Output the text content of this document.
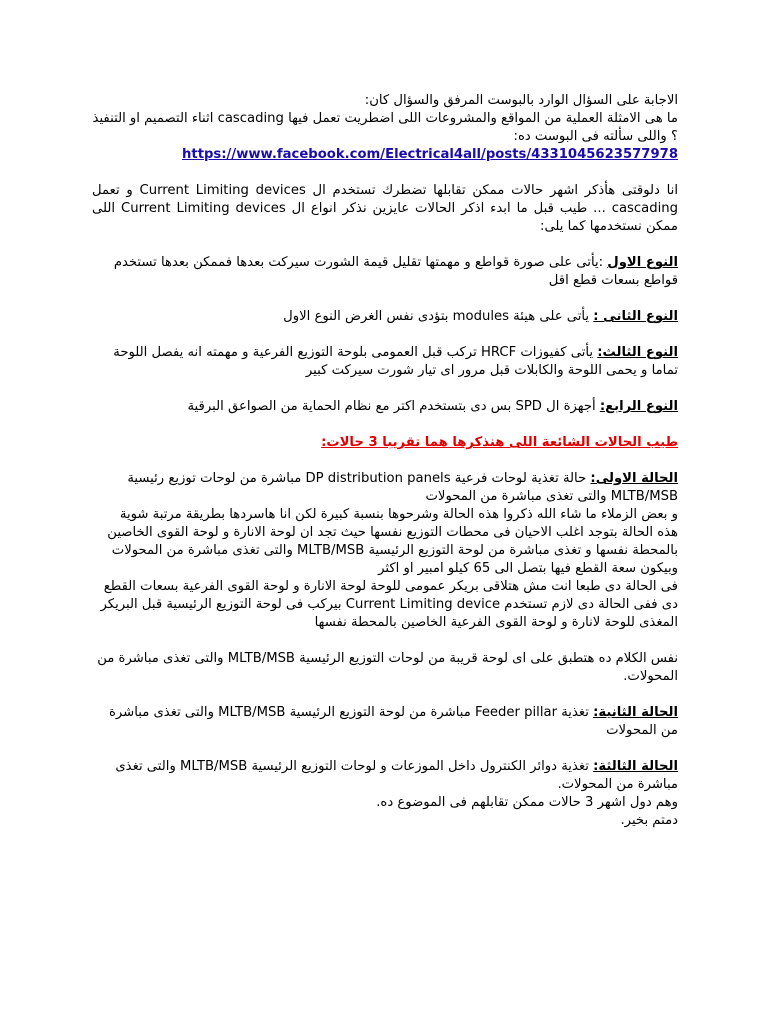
الاجابة على السؤال الوارد بالبوست المرفق والسؤال كان:

ما هى الامثلة العملية من المواقع والمشروعات اللى اضطريت تعمل فيها cascading اثناء التصميم او التنفيذ ؟ واللى سألته فى البوست ده:

https://www.facebook.com/Electrical4all/posts/4331045623577978

انا دلوقتى هأذكر اشهر حالات ممكن تقابلها تضطرك تستخدم ال Current Limiting devices و تعمل cascading ... طيب قبل ما ابدء اذكر الحالات عايزين نذكر انواع ال Current Limiting devices اللى ممكن نستخدمها كما يلى:

النوع الاول :يأتى على صورة قواطع و مهمتها تقليل قيمة الشورت سيركت بعدها فممكن بعدها تستخدم قواطع بسعات قطع اقل

النوع الثانى : يأتى على هيئة modules بتؤدى نفس الغرض النوع الاول

النوع الثالث: يأتى كفيوزات HRCF تركب قبل العمومى بلوحة التوزيع الفرعية و مهمته انه يفصل اللوحة تماما و يحمى اللوحة والكابلات قبل مرور اى تيار شورت سيركت كبير

النوع الرابع: أجهزة ال SPD بس دى بتستخدم اكتر مع نظام الحماية من الصواعق البرقية

طيب الحالات الشائعة اللى هنذكرها هما تقريبا 3 حالات:

الحالة الاولى: حالة تغذية لوحات فرعية DP distribution panels مباشرة من لوحات توزيع رئيسية MLTB/MSB والتى تغذى مباشرة من المحولات

و بعض الزملاء ما شاء الله ذكروا هذه الحالة وشرحوها بنسبة كبيرة لكن انا هاسردها بطريقة مرتبة شوية

هذه الحالة بتوجد اغلب الاحيان فى محطات التوزيع نفسها حيث تجد ان لوحة الانارة و لوحة القوى الخاصين بالمحطة نفسها و تغذى مباشرة من لوحة التوزيع الرئيسية MLTB/MSB والتى تغذى مباشرة من المحولات وبيكون سعة القطع فيها بتصل الى 65 كيلو امبير او اكثر

فى الحالة دى طبعا انت مش هتلاقى بريكر عمومى للوحة لوحة الانارة و لوحة القوى الفرعية بسعات القطع دى ففى الحالة دى لازم تستخدم Current Limiting device بيركب فى لوحة التوزيع الرئيسية قبل البريكر المغذى للوحة لانارة و لوحة القوى الفرعية الخاصين بالمحطة نفسها

نفس الكلام ده هتطبق على اى لوحة قريبة من لوحات التوزيع الرئيسية MLTB/MSB والتى تغذى مباشرة من المحولات.

الحالة الثانية: تغذية Feeder pillar مباشرة من لوحة التوزيع الرئيسية MLTB/MSB والتى تغذى مباشرة من المحولات

الحالة الثالثة: تغذية دوائر الكنترول داخل الموزعات و لوحات التوزيع الرئيسية MLTB/MSB والتى تغذى مباشرة من المحولات.

وهم دول اشهر 3 حالات ممكن تقابلهم فى الموضوع ده.

دمتم بخير.
